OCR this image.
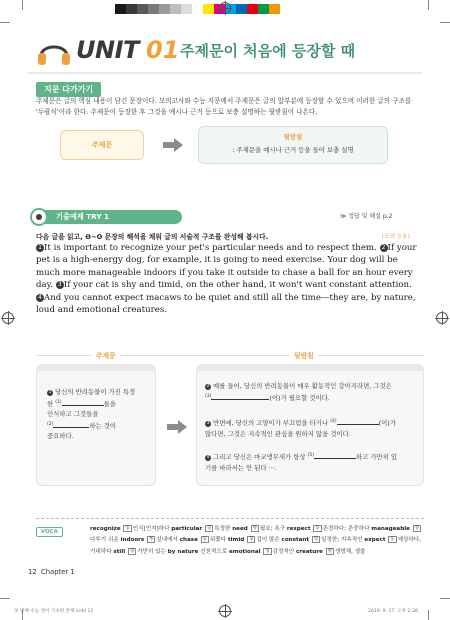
UNIT 01 주제문이 처음에 등장할 때
지문 다가가기
주제문은 글의 핵심 내용이 담긴 문장이다. 모의고사와 수능 지문에서 주제문은 글의 앞부분에 등장할 수 있으며 이러한 글의 구조를 '두괄식'이라 한다. 주제문이 등장한 후 그것을 예시나 근거 등으로 보충 설명하는 뒷받침이 나온다.
주제문
뒷받침
: 주제문을 예시나 근거 등을 들어 보충 설명
기출예제 TRY 1	≫ 정답 및 해설 p.2
다음 글을 읽고, ❶~❹ 문장의 해석을 채워 글의 서술적 구조를 완성해 봅시다.	[모의 응용]
1 It is important to recognize your pet's particular needs and to respect them. 2 If your pet is a high-energy dog, for example, it is going to need exercise. Your dog will be much more manageable indoors if you take it outside to chase a ball for an hour every day. 3 If your cat is shy and timid, on the other hand, it won't want constant attention. 4 And you cannot expect macaws to be quiet and still all the time—they are, by nature, loud and emotional creatures.
주제문	뒷받침
1 당신의 반려동물이 가진 특정
한 $^{(1)}$	들을
인식하고 그것들을
$^{(2)}$	하는 것이
중요하다.
2 예를 들어, 당신의 반려동물이 매우 활동적인 강아지라면, 그것은
$^{(3)}$	(이)가 필요할 것이다.
3 반면에, 당신의 고양이가 부끄럼을 타거나 $^{(4)}$	(이)가
많다면, 그것은 지속적인 관심을 원하지 않을 것이다.
4 그리고 당신은 마코앵무새가 항상 $^{(5)}$	하고 가만히 있
기를 바라서는 안 된다 ···.
VOCA	recognize 동 인식[인지]하다 particular 형 특정한 need 명 필요; 욕구 respect 동 존경하다; 존중하다 manageable 형다루기 쉬운 indoors 부 실내에서 chase 동 뒤쫓다 timid 형 겁이 많은 constant 형 일정한; 지속적인 expect 동 예상하다, 기대하다 still 형 가만히 있는 by nature 선천적으로 emotional 형 감정적인 creature 명 생명체, 생물
12 Chapter 1
첫 번째 수능 영어 기초편 본책.indd 12	2019. 9. 17. 오후 2:38
